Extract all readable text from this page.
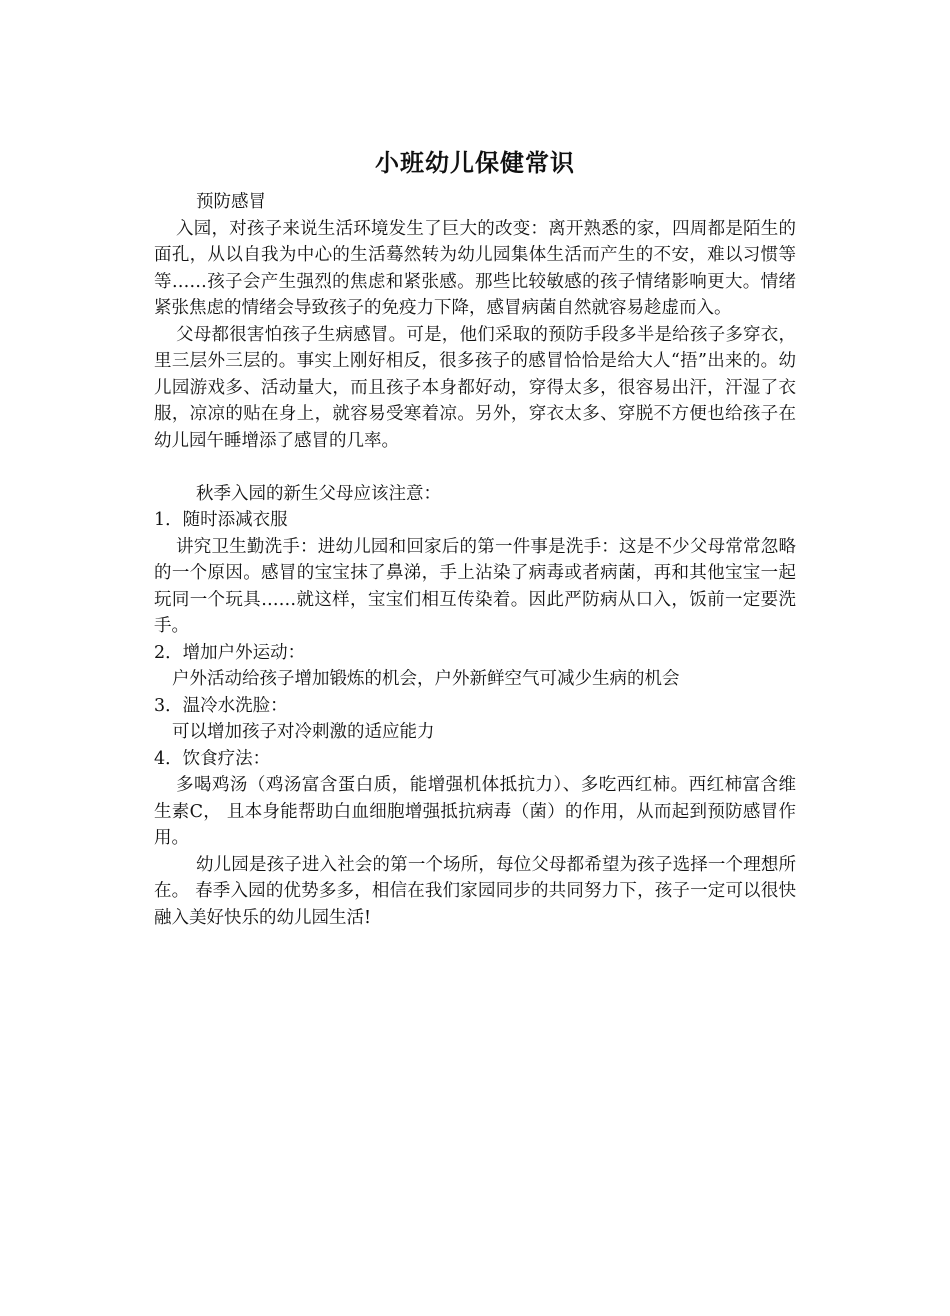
小班幼儿保健常识

预防感冒

入园，对孩子来说生活环境发生了巨大的改变：离开熟悉的家，四周都是陌生的面孔，从以自我为中心的生活蓦然转为幼儿园集体生活而产生的不安，难以习惯等等……孩子会产生强烈的焦虑和紧张感。那些比较敏感的孩子情绪影响更大。情绪紧张焦虑的情绪会导致孩子的免疫力下降，感冒病菌自然就容易趁虚而入。

父母都很害怕孩子生病感冒。可是，他们采取的预防手段多半是给孩子多穿衣，里三层外三层的。事实上刚好相反，很多孩子的感冒恰恰是给大人“捂”出来的。幼儿园游戏多、活动量大，而且孩子本身都好动，穿得太多，很容易出汗，汗湿了衣服，凉凉的贴在身上，就容易受寒着凉。另外，穿衣太多、穿脱不方便也给孩子在幼儿园午睡增添了感冒的几率。

秋季入园的新生父母应该注意：

1．随时添减衣服

讲究卫生勤洗手：进幼儿园和回家后的第一件事是洗手：这是不少父母常常忽略的一个原因。感冒的宝宝抹了鼻涕，手上沾染了病毒或者病菌，再和其他宝宝一起玩同一个玩具……就这样，宝宝们相互传染着。因此严防病从口入，饭前一定要洗手。

2．增加户外运动：

户外活动给孩子增加锻炼的机会，户外新鲜空气可减少生病的机会

3．温冷水洗脸：

可以增加孩子对冷刺激的适应能力

4．饮食疗法：

多喝鸡汤（鸡汤富含蛋白质，能增强机体抵抗力）、多吃西红柿。西红柿富含维生素C， 且本身能帮助白血细胞增强抵抗病毒（菌）的作用，从而起到预防感冒作用。

幼儿园是孩子进入社会的第一个场所，每位父母都希望为孩子选择一个理想所在。 春季入园的优势多多，相信在我们家园同步的共同努力下，孩子一定可以很快融入美好快乐的幼儿园生活!
